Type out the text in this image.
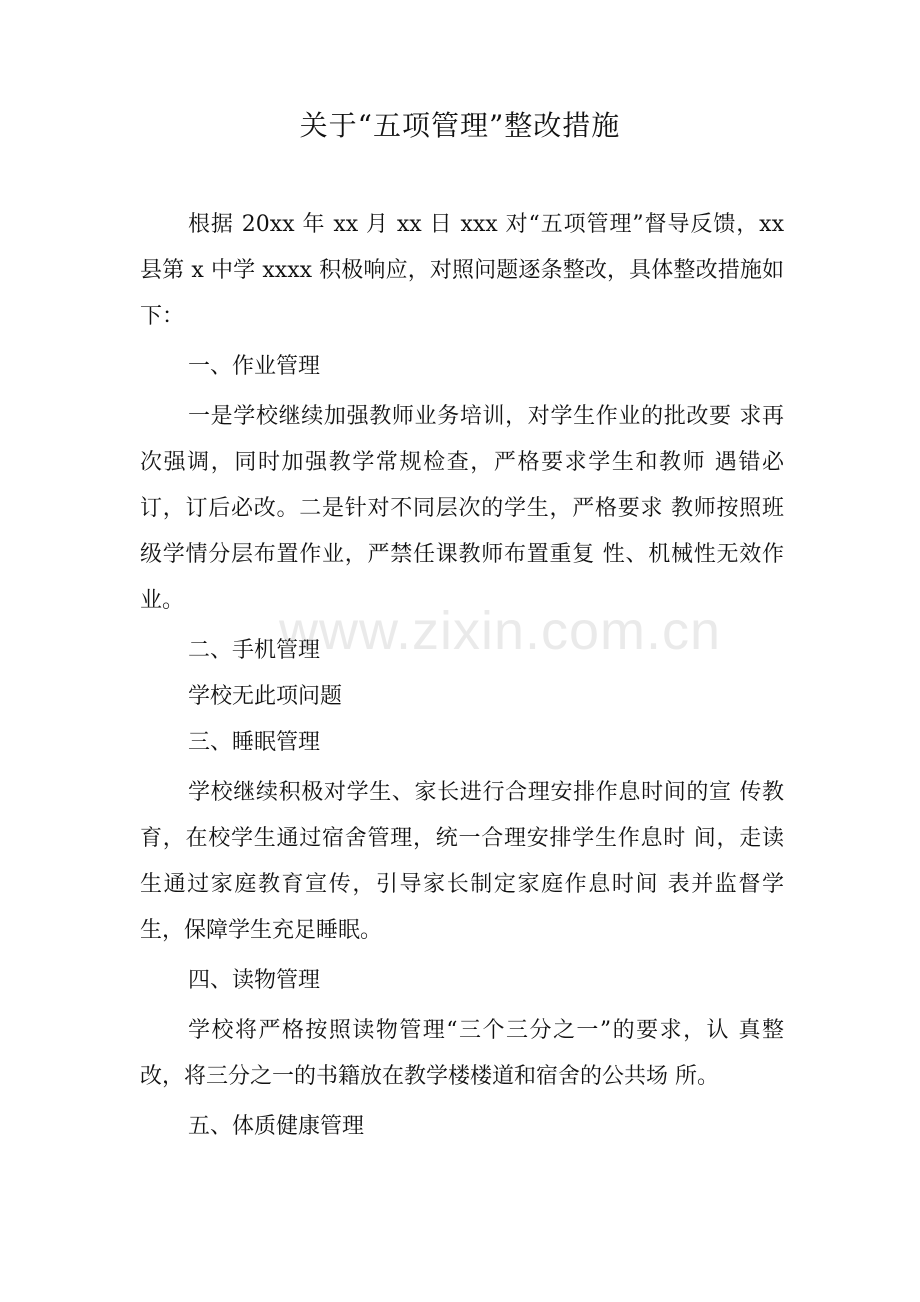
关于“五项管理”整改措施

根据 20xx 年 xx 月 xx 日 xxx 对“五项管理”督导反馈，xx 县第 x 中学 xxxx 积极响应，对照问题逐条整改，具体整改措施如下：

一、作业管理

一是学校继续加强教师业务培训，对学生作业的批改要 求再次强调，同时加强教学常规检查，严格要求学生和教师 遇错必订，订后必改。二是针对不同层次的学生，严格要求 教师按照班级学情分层布置作业，严禁任课教师布置重复 性、机械性无效作业。

二、手机管理

学校无此项问题

三、睡眠管理

学校继续积极对学生、家长进行合理安排作息时间的宣 传教育，在校学生通过宿舍管理，统一合理安排学生作息时 间，走读生通过家庭教育宣传，引导家长制定家庭作息时间 表并监督学生，保障学生充足睡眠。

四、读物管理

学校将严格按照读物管理“三个三分之一”的要求，认 真整改，将三分之一的书籍放在教学楼楼道和宿舍的公共场 所。

五、体质健康管理

www.zixin.com.cn
